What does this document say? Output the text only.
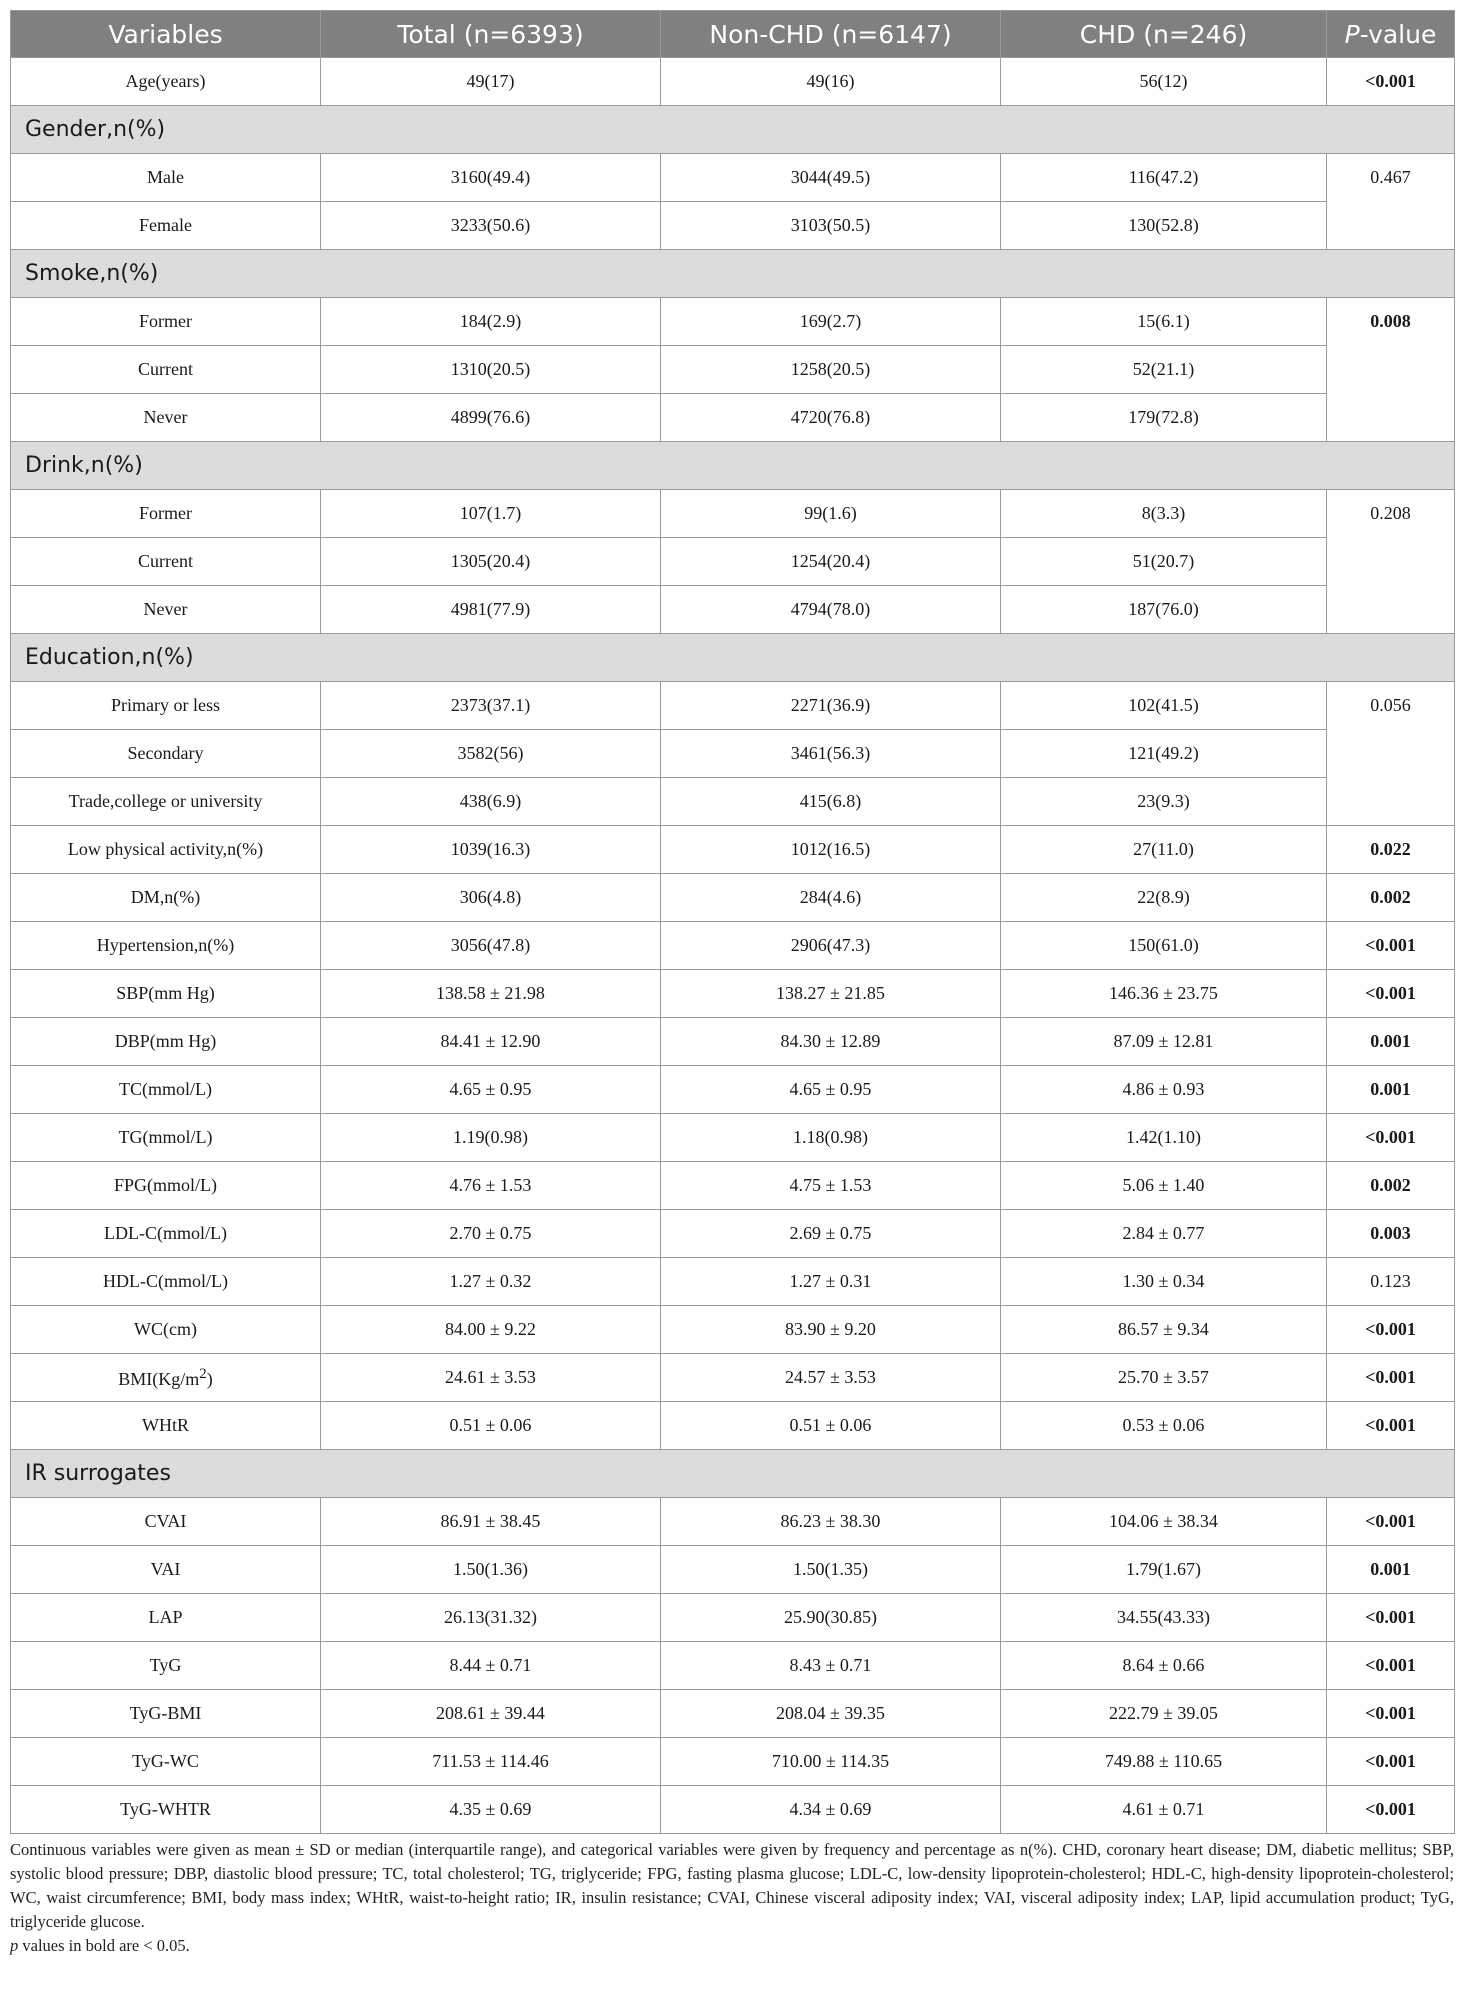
Variables	Total (n=6393)	Non-CHD (n=6147)	CHD (n=246)	P-value
Age(years)	49(17)	49(16)	56(12)	<0.001
Gender,n(%)				
Male	3160(49.4)	3044(49.5)	116(47.2)	0.467
Female	3233(50.6)	3103(50.5)	130(52.8)	
Smoke,n(%)				
Former	184(2.9)	169(2.7)	15(6.1)	0.008
Current	1310(20.5)	1258(20.5)	52(21.1)	
Never	4899(76.6)	4720(76.8)	179(72.8)	
Drink,n(%)				
Former	107(1.7)	99(1.6)	8(3.3)	0.208
Current	1305(20.4)	1254(20.4)	51(20.7)	
Never	4981(77.9)	4794(78.0)	187(76.0)	
Education,n(%)				
Primary or less	2373(37.1)	2271(36.9)	102(41.5)	0.056
Secondary	3582(56)	3461(56.3)	121(49.2)	
Trade,college or university	438(6.9)	415(6.8)	23(9.3)	
Low physical activity,n(%)	1039(16.3)	1012(16.5)	27(11.0)	0.022
DM,n(%)	306(4.8)	284(4.6)	22(8.9)	0.002
Hypertension,n(%)	3056(47.8)	2906(47.3)	150(61.0)	<0.001
SBP(mm Hg)	138.58 ± 21.98	138.27 ± 21.85	146.36 ± 23.75	<0.001
DBP(mm Hg)	84.41 ± 12.90	84.30 ± 12.89	87.09 ± 12.81	0.001
TC(mmol/L)	4.65 ± 0.95	4.65 ± 0.95	4.86 ± 0.93	0.001
TG(mmol/L)	1.19(0.98)	1.18(0.98)	1.42(1.10)	<0.001
FPG(mmol/L)	4.76 ± 1.53	4.75 ± 1.53	5.06 ± 1.40	0.002
LDL-C(mmol/L)	2.70 ± 0.75	2.69 ± 0.75	2.84 ± 0.77	0.003
HDL-C(mmol/L)	1.27 ± 0.32	1.27 ± 0.31	1.30 ± 0.34	0.123
WC(cm)	84.00 ± 9.22	83.90 ± 9.20	86.57 ± 9.34	<0.001
$BMI(Kg/m^2)$	24.61 ± 3.53	24.57 ± 3.53	25.70 ± 3.57	<0.001
WHtR	0.51 ± 0.06	0.51 ± 0.06	0.53 ± 0.06	<0.001
IR surrogates				
CVAI	86.91 ± 38.45	86.23 ± 38.30	104.06 ± 38.34	<0.001
VAI	1.50(1.36)	1.50(1.35)	1.79(1.67)	0.001
LAP	26.13(31.32)	25.90(30.85)	34.55(43.33)	<0.001
TyG	8.44 ± 0.71	8.43 ± 0.71	8.64 ± 0.66	<0.001
TyG-BMI	208.61 ± 39.44	208.04 ± 39.35	222.79 ± 39.05	<0.001
TyG-WC	711.53 ± 114.46	710.00 ± 114.35	749.88 ± 110.65	<0.001
TyG-WHTR	4.35 ± 0.69	4.34 ± 0.69	4.61 ± 0.71	<0.001

Continuous variables were given as mean ± SD or median (interquartile range), and categorical variables were given by frequency and percentage as n(%). CHD, coronary heart disease; DM, diabetic mellitus; SBP, systolic blood pressure; DBP, diastolic blood pressure; TC, total cholesterol; TG, triglyceride; FPG, fasting plasma glucose; LDL-C, low-density lipoprotein-cholesterol; HDL-C, high-density lipoprotein-cholesterol; WC, waist circumference; BMI, body mass index; WHtR, waist-to-height ratio; IR, insulin resistance; CVAI, Chinese visceral adiposity index; VAI, visceral adiposity index; LAP, lipid accumulation product; TyG, triglyceride glucose.

p values in bold are < 0.05.
